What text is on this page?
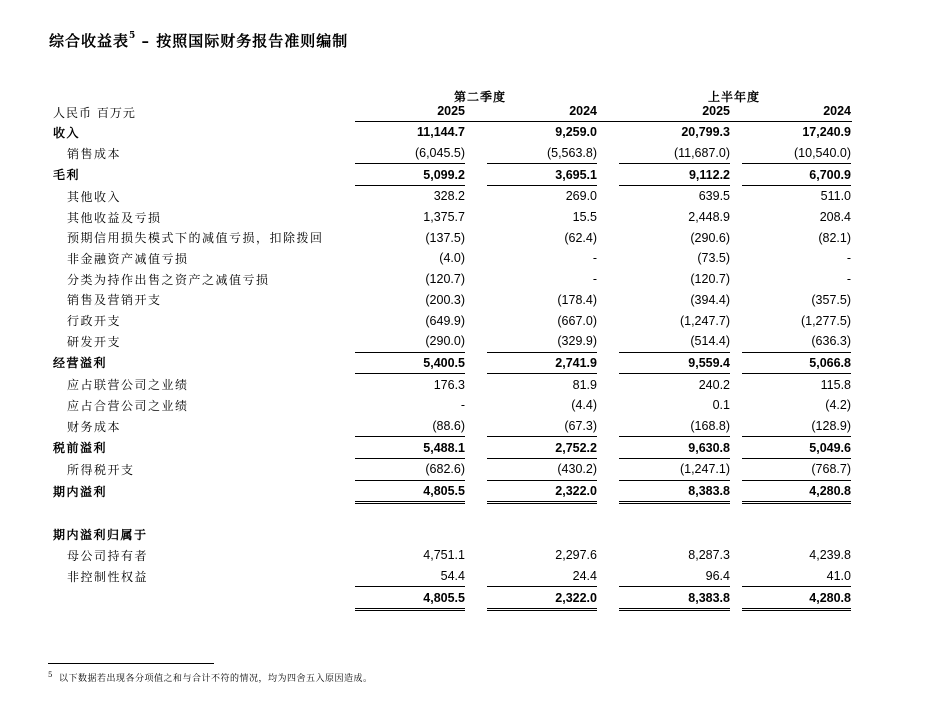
综合收益表$^5$ – 按照国际财务报告准则编制
第二季度	上半年度
人民币 百万元	2025	2024	2025	2024
收入	11,144.7		9,259.0		20,799.3		17,240.9
销售成本	(6,045.5)		(5,563.8)		(11,687.0)		(10,540.0)
毛利	5,099.2		3,695.1		9,112.2		6,700.9
其他收入	328.2		269.0		639.5		511.0
其他收益及亏损	1,375.7		15.5		2,448.9		208.4
预期信用损失模式下的减值亏损，扣除拨回	(137.5)		(62.4)		(290.6)		(82.1)
非金融资产减值亏损	(4.0)		-		(73.5)		-
分类为持作出售之资产之减值亏损	(120.7)		-		(120.7)		-
销售及营销开支	(200.3)		(178.4)		(394.4)		(357.5)
行政开支	(649.9)		(667.0)		(1,247.7)		(1,277.5)
研发开支	(290.0)		(329.9)		(514.4)		(636.3)
经营溢利	5,400.5		2,741.9		9,559.4		5,066.8
应占联营公司之业绩	176.3		81.9		240.2		115.8
应占合营公司之业绩	-		(4.4)		0.1		(4.2)
财务成本	(88.6)		(67.3)		(168.8)		(128.9)
税前溢利	5,488.1		2,752.2		9,630.8		5,049.6
所得税开支	(682.6)		(430.2)		(1,247.1)		(768.7)
期内溢利	4,805.5		2,322.0		8,383.8		4,280.8

期内溢利归属于							
母公司持有者	4,751.1		2,297.6		8,287.3		4,239.8
非控制性权益	54.4		24.4		96.4		41.0
	4,805.5		2,322.0		8,383.8		4,280.8
$^5$ 以下数据若出现各分项值之和与合计不符的情况，均为四舍五入原因造成。
